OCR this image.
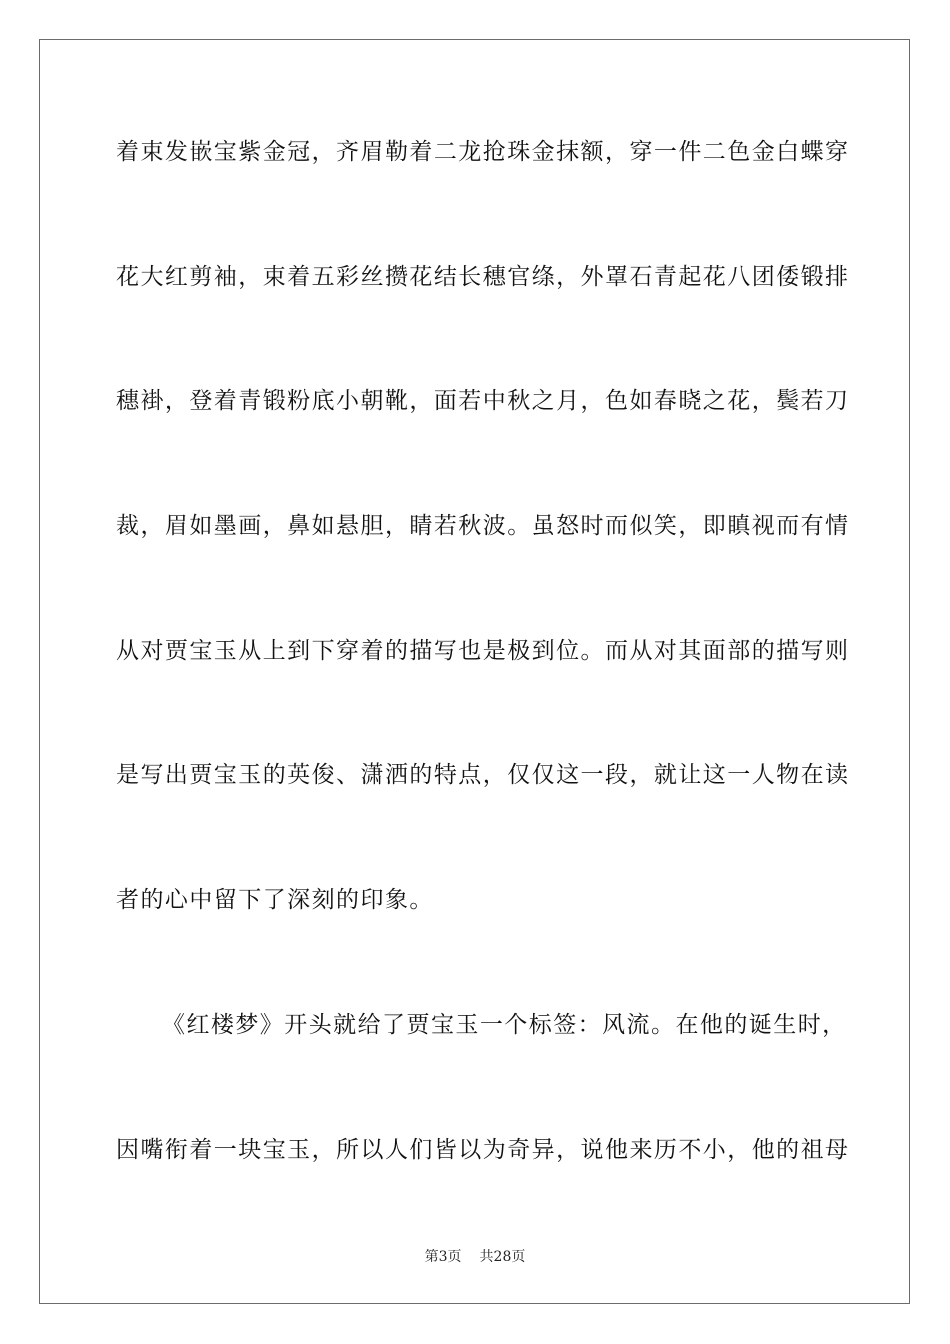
着束发嵌宝紫金冠，齐眉勒着二龙抢珠金抹额，穿一件二色金白蝶穿
花大红剪袖，束着五彩丝攒花结长穗官绦，外罩石青起花八团倭锻排
穗褂，登着青锻粉底小朝靴，面若中秋之月，色如春晓之花，鬓若刀
裁，眉如墨画，鼻如悬胆，睛若秋波。虽怒时而似笑，即瞋视而有情
从对贾宝玉从上到下穿着的描写也是极到位。而从对其面部的描写则
是写出贾宝玉的英俊、潇洒的特点，仅仅这一段，就让这一人物在读
者的心中留下了深刻的印象。
《红楼梦》开头就给了贾宝玉一个标签：风流。在他的诞生时，
因嘴衔着一块宝玉，所以人们皆以为奇异，说他来历不小，他的祖母
第3页 共28页
